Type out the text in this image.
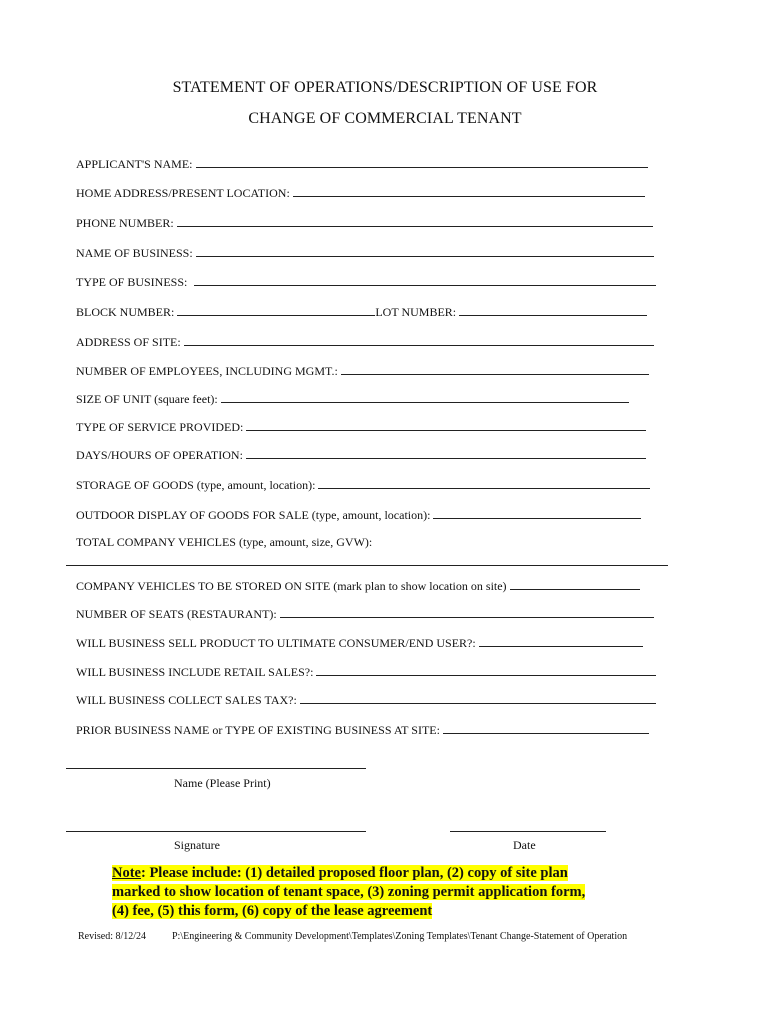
STATEMENT OF OPERATIONS/DESCRIPTION OF USE FOR
CHANGE OF COMMERCIAL TENANT
APPLICANT'S NAME:
HOME ADDRESS/PRESENT LOCATION:
PHONE NUMBER:
NAME OF BUSINESS:
TYPE OF BUSINESS:
BLOCK NUMBER:	LOT NUMBER:
ADDRESS OF SITE:
NUMBER OF EMPLOYEES, INCLUDING MGMT.:
SIZE OF UNIT (square feet):
TYPE OF SERVICE PROVIDED:
DAYS/HOURS OF OPERATION:
STORAGE OF GOODS (type, amount, location):
OUTDOOR DISPLAY OF GOODS FOR SALE (type, amount, location):
TOTAL COMPANY VEHICLES (type, amount, size, GVW):
COMPANY VEHICLES TO BE STORED ON SITE (mark plan to show location on site)
NUMBER OF SEATS (RESTAURANT):
WILL BUSINESS SELL PRODUCT TO ULTIMATE CONSUMER/END USER?:
WILL BUSINESS INCLUDE RETAIL SALES?:
WILL BUSINESS COLLECT SALES TAX?:
PRIOR BUSINESS NAME or TYPE OF EXISTING BUSINESS AT SITE:
Name (Please Print)
Signature	Date
Note: Please include: (1) detailed proposed floor plan, (2) copy of site plan
marked to show location of tenant space, (3) zoning permit application form,
(4) fee, (5) this form, (6) copy of the lease agreement
Revised: 8/12/24	P:\Engineering & Community Development\Templates\Zoning Templates\Tenant Change-Statement of Operation
